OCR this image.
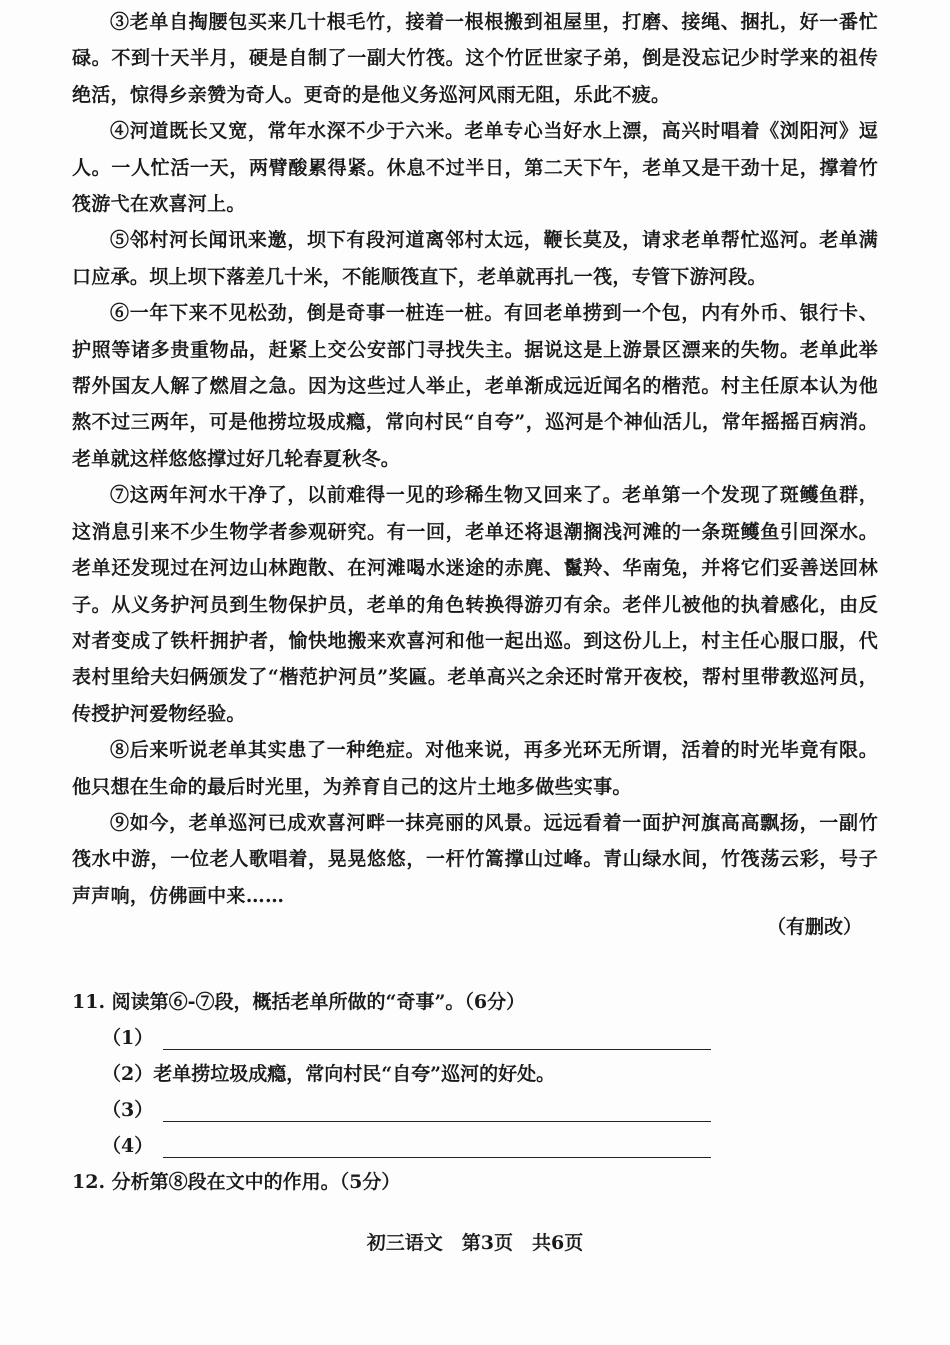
③老单自掏腰包买来几十根毛竹，接着一根根搬到祖屋里，打磨、接绳、捆扎，好一番忙碌。不到十天半月，硬是自制了一副大竹筏。这个竹匠世家子弟，倒是没忘记少时学来的祖传绝活，惊得乡亲赞为奇人。更奇的是他义务巡河风雨无阻，乐此不疲。

④河道既长又宽，常年水深不少于六米。老单专心当好水上漂，高兴时唱着《浏阳河》逗人。一人忙活一天，两臂酸累得紧。休息不过半日，第二天下午，老单又是干劲十足，撑着竹筏游弋在欢喜河上。

⑤邻村河长闻讯来邀，坝下有段河道离邻村太远，鞭长莫及，请求老单帮忙巡河。老单满口应承。坝上坝下落差几十米，不能顺筏直下，老单就再扎一筏，专管下游河段。

⑥一年下来不见松劲，倒是奇事一桩连一桩。有回老单捞到一个包，内有外币、银行卡、护照等诸多贵重物品，赶紧上交公安部门寻找失主。据说这是上游景区漂来的失物。老单此举帮外国友人解了燃眉之急。因为这些过人举止，老单渐成远近闻名的楷范。村主任原本认为他熬不过三两年，可是他捞垃圾成瘾，常向村民“自夸”，巡河是个神仙活儿，常年摇摇百病消。老单就这样悠悠撑过好几轮春夏秋冬。

⑦这两年河水干净了，以前难得一见的珍稀生物又回来了。老单第一个发现了斑鳠鱼群，这消息引来不少生物学者参观研究。有一回，老单还将退潮搁浅河滩的一条斑鳠鱼引回深水。老单还发现过在河边山林跑散、在河滩喝水迷途的赤麂、鬣羚、华南兔，并将它们妥善送回林子。从义务护河员到生物保护员，老单的角色转换得游刃有余。老伴儿被他的执着感化，由反对者变成了铁杆拥护者，愉快地搬来欢喜河和他一起出巡。到这份儿上，村主任心服口服，代表村里给夫妇俩颁发了“楷范护河员”奖匾。老单高兴之余还时常开夜校，帮村里带教巡河员，传授护河爱物经验。

⑧后来听说老单其实患了一种绝症。对他来说，再多光环无所谓，活着的时光毕竟有限。他只想在生命的最后时光里，为养育自己的这片土地多做些实事。

⑨如今，老单巡河已成欢喜河畔一抹亮丽的风景。远远看着一面护河旗高高飘扬，一副竹筏水中游，一位老人歌唱着，晃晃悠悠，一杆竹篙撑山过峰。青山绿水间，竹筏荡云彩，号子声声响，仿佛画中来……

（有删改）

11. 阅读第⑥-⑦段，概括老单所做的“奇事”。（6分）

（1）
（2） 老单捞垃圾成瘾，常向村民“自夸”巡河的好处。
（3）
（4）

12. 分析第⑧段在文中的作用。（5分）

初三语文　第3页　共6页
